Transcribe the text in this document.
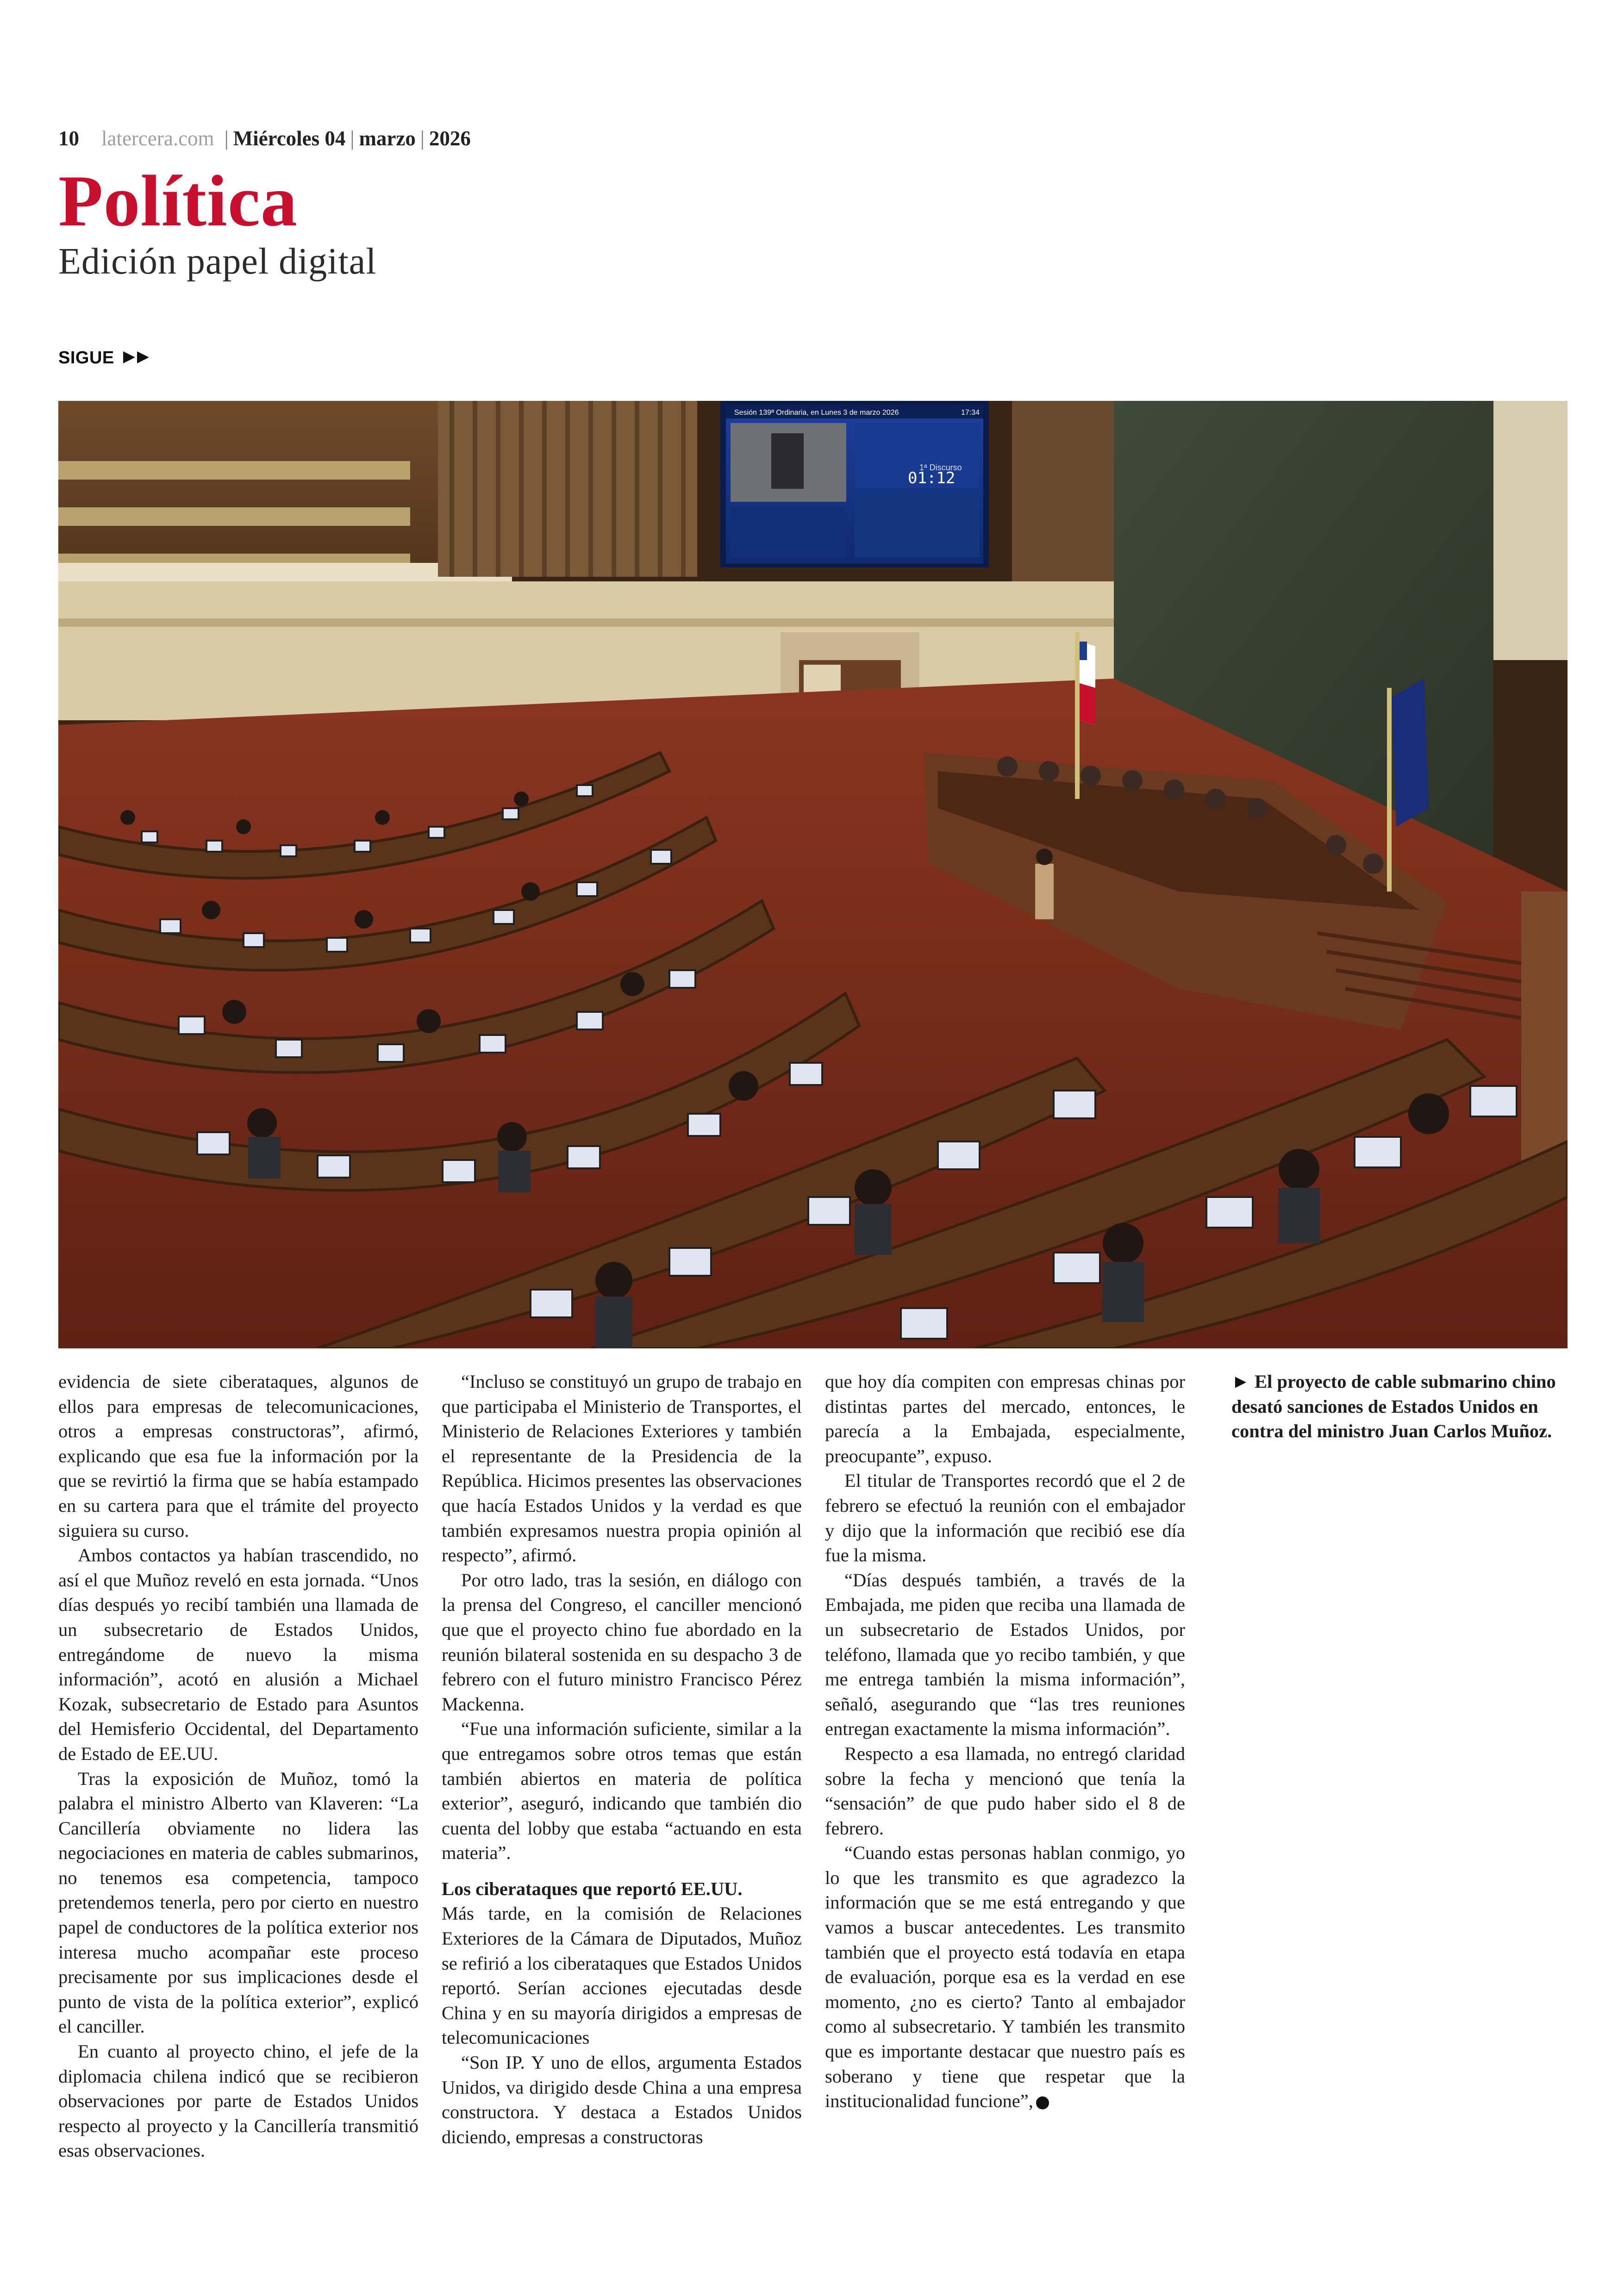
10 latercera.com | Miércoles 04 | marzo | 2026
Política
Edición papel digital
SIGUE
Sesión 139ª Ordinaria, en Lunes 3 de marzo 2026	17:34
1ª Discurso
01:12

evidencia de siete ciberataques, algunos de ellos para empresas de telecomunicaciones, otros a empresas constructoras”, afirmó, explicando que esa fue la información por la que se revirtió la firma que se había estampado en su cartera para que el trámite del proyecto siguiera su curso.

Ambos contactos ya habían trascendido, no así el que Muñoz reveló en esta jornada. “Unos días después yo recibí también una llamada de un subsecretario de Estados Unidos, entregándome de nuevo la misma información”, acotó en alusión a Michael Kozak, subsecretario de Estado para Asuntos del Hemisferio Occidental, del Departamento de Estado de EE.UU.

Tras la exposición de Muñoz, tomó la palabra el ministro Alberto van Klaveren: “La Cancillería obviamente no lidera las negociaciones en materia de cables submarinos, no tenemos esa competencia, tampoco pretendemos tenerla, pero por cierto en nuestro papel de conductores de la política exterior nos interesa mucho acompañar este proceso precisamente por sus implicaciones desde el punto de vista de la política exterior”, explicó el canciller.

En cuanto al proyecto chino, el jefe de la diplomacia chilena indicó que se recibieron observaciones por parte de Estados Unidos respecto al proyecto y la Cancillería transmitió esas observaciones.

“Incluso se constituyó un grupo de trabajo en que participaba el Ministerio de Transportes, el Ministerio de Relaciones Exteriores y también el representante de la Presidencia de la República. Hicimos presentes las observaciones que hacía Estados Unidos y la verdad es que también expresamos nuestra propia opinión al respecto”, afirmó.

Por otro lado, tras la sesión, en diálogo con la prensa del Congreso, el canciller mencionó que que el proyecto chino fue abordado en la reunión bilateral sostenida en su despacho 3 de febrero con el futuro ministro Francisco Pérez Mackenna.

“Fue una información suficiente, similar a la que entregamos sobre otros temas que están también abiertos en materia de política exterior”, aseguró, indicando que también dio cuenta del lobby que estaba “actuando en esta materia”.

Los ciberataques que reportó EE.UU.

Más tarde, en la comisión de Relaciones Exteriores de la Cámara de Diputados, Muñoz se refirió a los ciberataques que Estados Unidos reportó. Serían acciones ejecutadas desde China y en su mayoría dirigidos a empresas de telecomunicaciones

“Son IP. Y uno de ellos, argumenta Estados Unidos, va dirigido desde China a una empresa constructora. Y destaca a Estados Unidos diciendo, empresas a constructoras

que hoy día compiten con empresas chinas por distintas partes del mercado, entonces, le parecía a la Embajada, especialmente, preocupante”, expuso.

El titular de Transportes recordó que el 2 de febrero se efectuó la reunión con el embajador y dijo que la información que recibió ese día fue la misma.

“Días después también, a través de la Embajada, me piden que reciba una llamada de un subsecretario de Estados Unidos, por teléfono, llamada que yo recibo también, y que me entrega también la misma información”, señaló, asegurando que “las tres reuniones entregan exactamente la misma información”.

Respecto a esa llamada, no entregó claridad sobre la fecha y mencionó que tenía la “sensación” de que pudo haber sido el 8 de febrero.

“Cuando estas personas hablan conmigo, yo lo que les transmito es que agradezco la información que se me está entregando y que vamos a buscar antecedentes. Les transmito también que el proyecto está todavía en etapa de evaluación, porque esa es la verdad en ese momento, ¿no es cierto? Tanto al embajador como al subsecretario. Y también les transmito que es importante destacar que nuestro país es soberano y tiene que respetar que la institucionalidad funcione”,

► El proyecto de cable submarino chino desató sanciones de Estados Unidos en contra del ministro Juan Carlos Muñoz.
